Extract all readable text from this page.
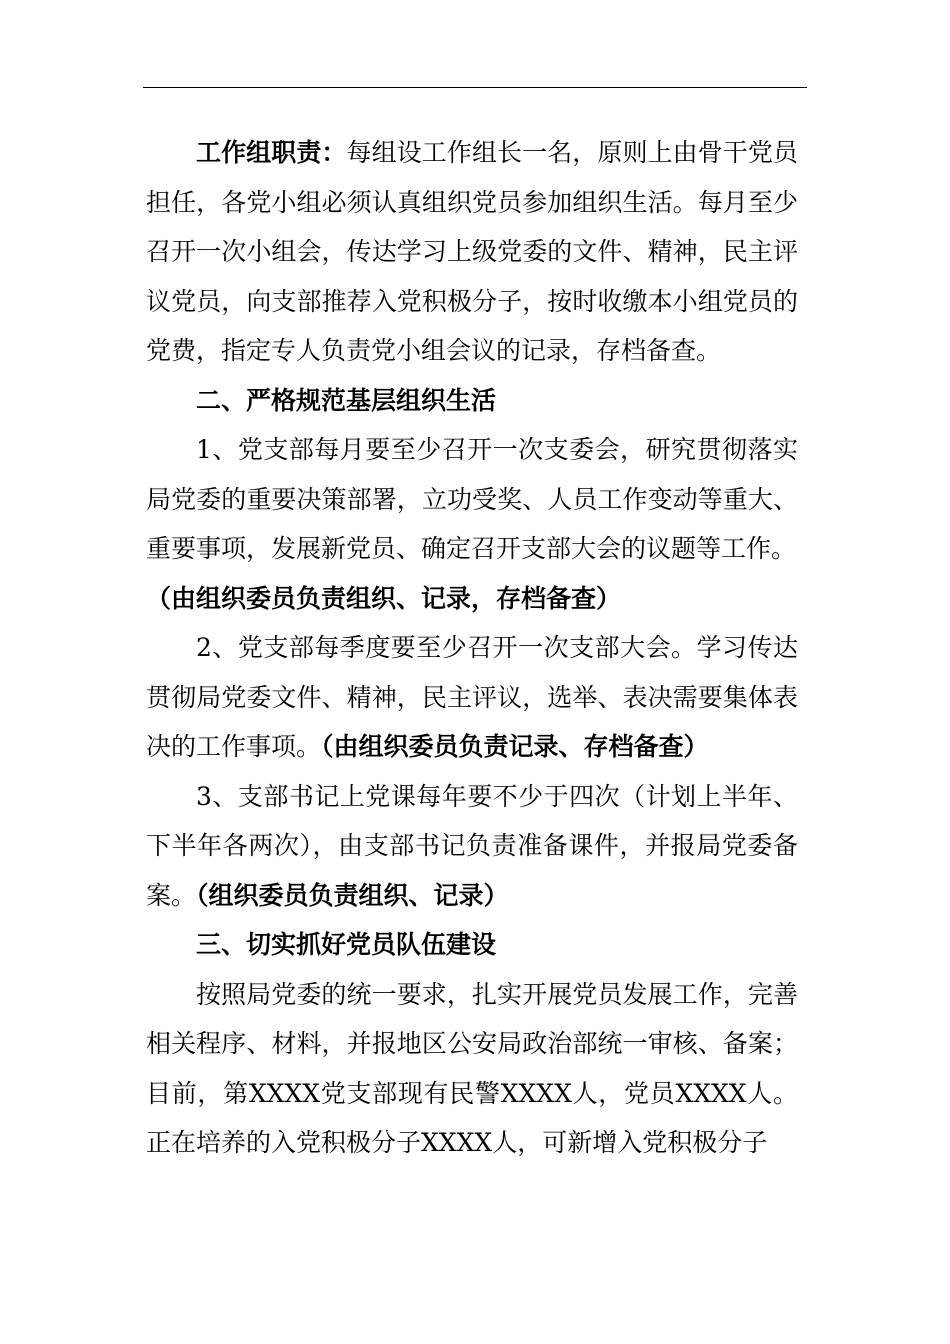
工作组职责：每组设工作组长一名，原则上由骨干党员担任，各党小组必须认真组织党员参加组织生活。每月至少召开一次小组会，传达学习上级党委的文件、精神，民主评议党员，向支部推荐入党积极分子，按时收缴本小组党员的党费，指定专人负责党小组会议的记录，存档备查。

二、严格规范基层组织生活

1、党支部每月要至少召开一次支委会，研究贯彻落实局党委的重要决策部署，立功受奖、人员工作变动等重大、重要事项，发展新党员、确定召开支部大会的议题等工作。

（由组织委员负责组织、记录，存档备查）

2、党支部每季度要至少召开一次支部大会。学习传达贯彻局党委文件、精神，民主评议，选举、表决需要集体表决的工作事项。（由组织委员负责记录、存档备查）

3、支部书记上党课每年要不少于四次（计划上半年、下半年各两次），由支部书记负责准备课件，并报局党委备案。（组织委员负责组织、记录）

三、切实抓好党员队伍建设

按照局党委的统一要求，扎实开展党员发展工作，完善相关程序、材料，并报地区公安局政治部统一审核、备案；目前，第XXXX党支部现有民警XXXX人，党员XXXX人。正在培养的入党积极分子XXXX人，可新增入党积极分子
